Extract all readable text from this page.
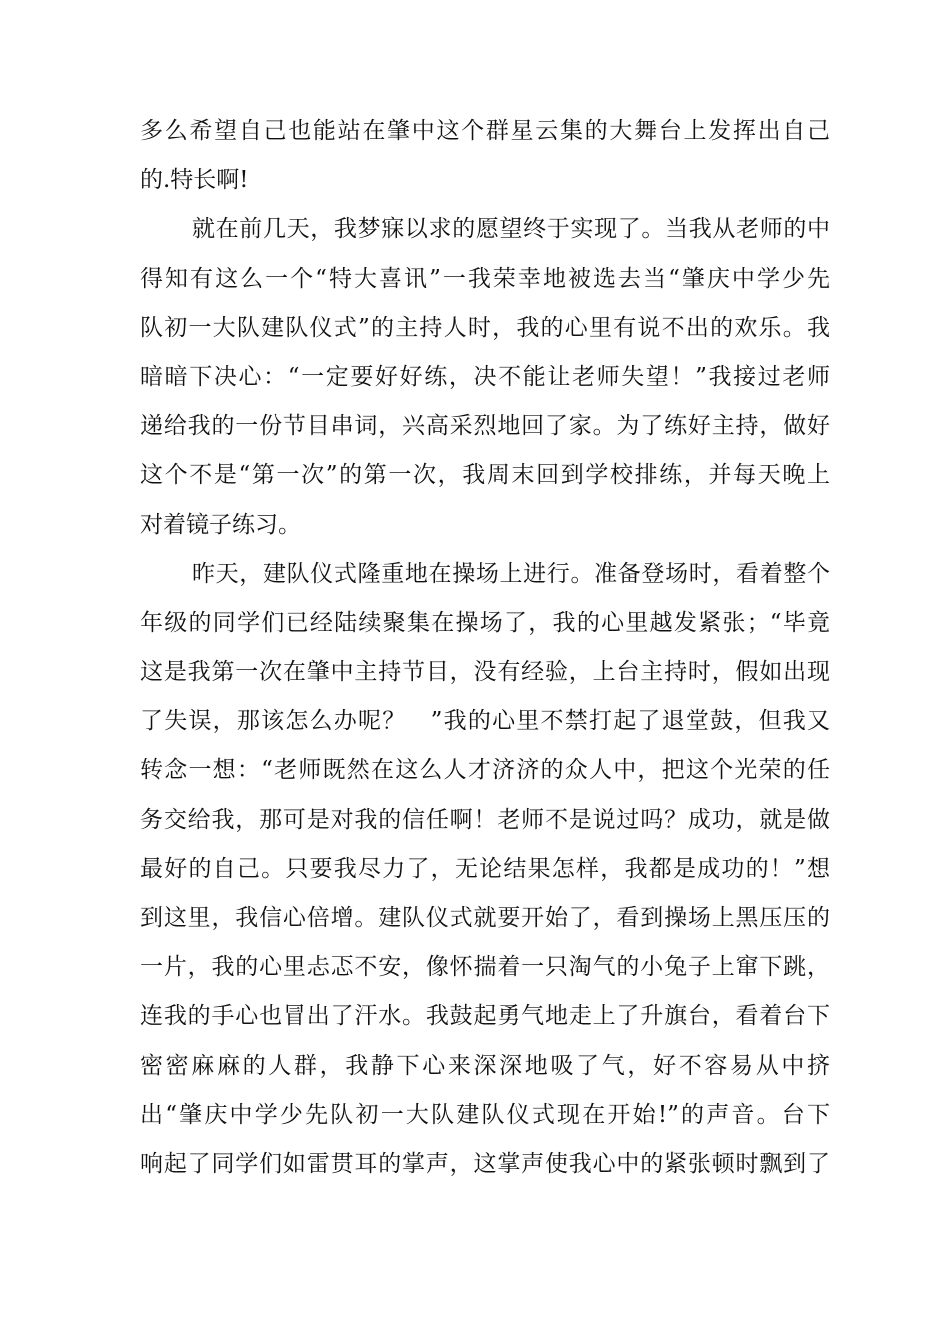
多么希望自己也能站在肇中这个群星云集的大舞台上发挥出自己
的.特长啊!
就在前几天，我梦寐以求的愿望终于实现了。当我从老师的中
得知有这么一个“特大喜讯”一我荣幸地被选去当“肇庆中学少先
队初一大队建队仪式”的主持人时，我的心里有说不出的欢乐。我
暗暗下决心：“一定要好好练，决不能让老师失望！”我接过老师
递给我的一份节目串词，兴高采烈地回了家。为了练好主持，做好
这个不是“第一次”的第一次，我周末回到学校排练，并每天晚上
对着镜子练习。
昨天，建队仪式隆重地在操场上进行。准备登场时，看着整个
年级的同学们已经陆续聚集在操场了，我的心里越发紧张；“毕竟
这是我第一次在肇中主持节目，没有经验，上台主持时，假如出现
了失误，那该怎么办呢？　”我的心里不禁打起了退堂鼓，但我又
转念一想：“老师既然在这么人才济济的众人中，把这个光荣的任
务交给我，那可是对我的信任啊！老师不是说过吗？成功，就是做
最好的自己。只要我尽力了，无论结果怎样，我都是成功的！”想
到这里，我信心倍增。建队仪式就要开始了，看到操场上黑压压的
一片，我的心里忐忑不安，像怀揣着一只淘气的小兔子上窜下跳，
连我的手心也冒出了汗水。我鼓起勇气地走上了升旗台，看着台下
密密麻麻的人群，我静下心来深深地吸了气，好不容易从中挤
出“肇庆中学少先队初一大队建队仪式现在开始!”的声音。台下
响起了同学们如雷贯耳的掌声，这掌声使我心中的紧张顿时飘到了
